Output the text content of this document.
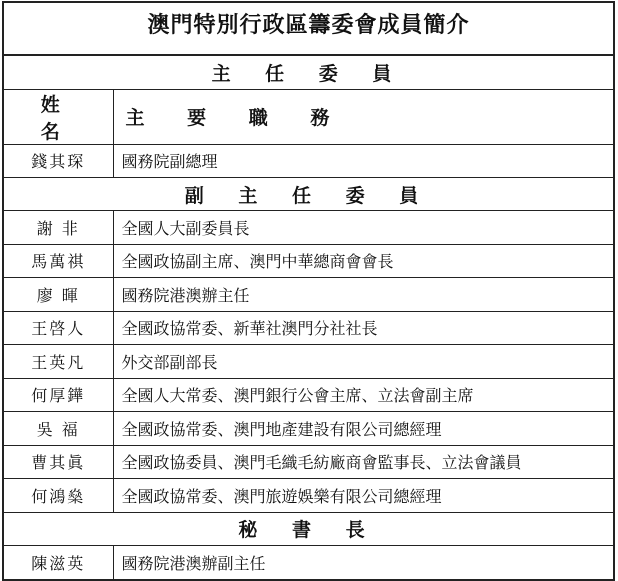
澳門特別行政區籌委會成員簡介
主 任 委 員	
姓 名	主 要 職 務
錢其琛	國務院副總理
副 主 任 委 員	
謝 非	全國人大副委員長
馬萬祺	全國政協副主席、澳門中華總商會會長
廖 暉	國務院港澳辦主任
王啓人	全國政協常委、新華社澳門分社社長
王英凡	外交部副部長
何厚鏵	全國人大常委、澳門銀行公會主席、立法會副主席
吳 福	全國政協常委、澳門地產建設有限公司總經理
曹其眞	全國政協委員、澳門毛織毛紡廠商會監事長、立法會議員
何鴻燊	全國政協常委、澳門旅遊娛樂有限公司總經理
秘 書 長	
陳滋英	國務院港澳辦副主任
